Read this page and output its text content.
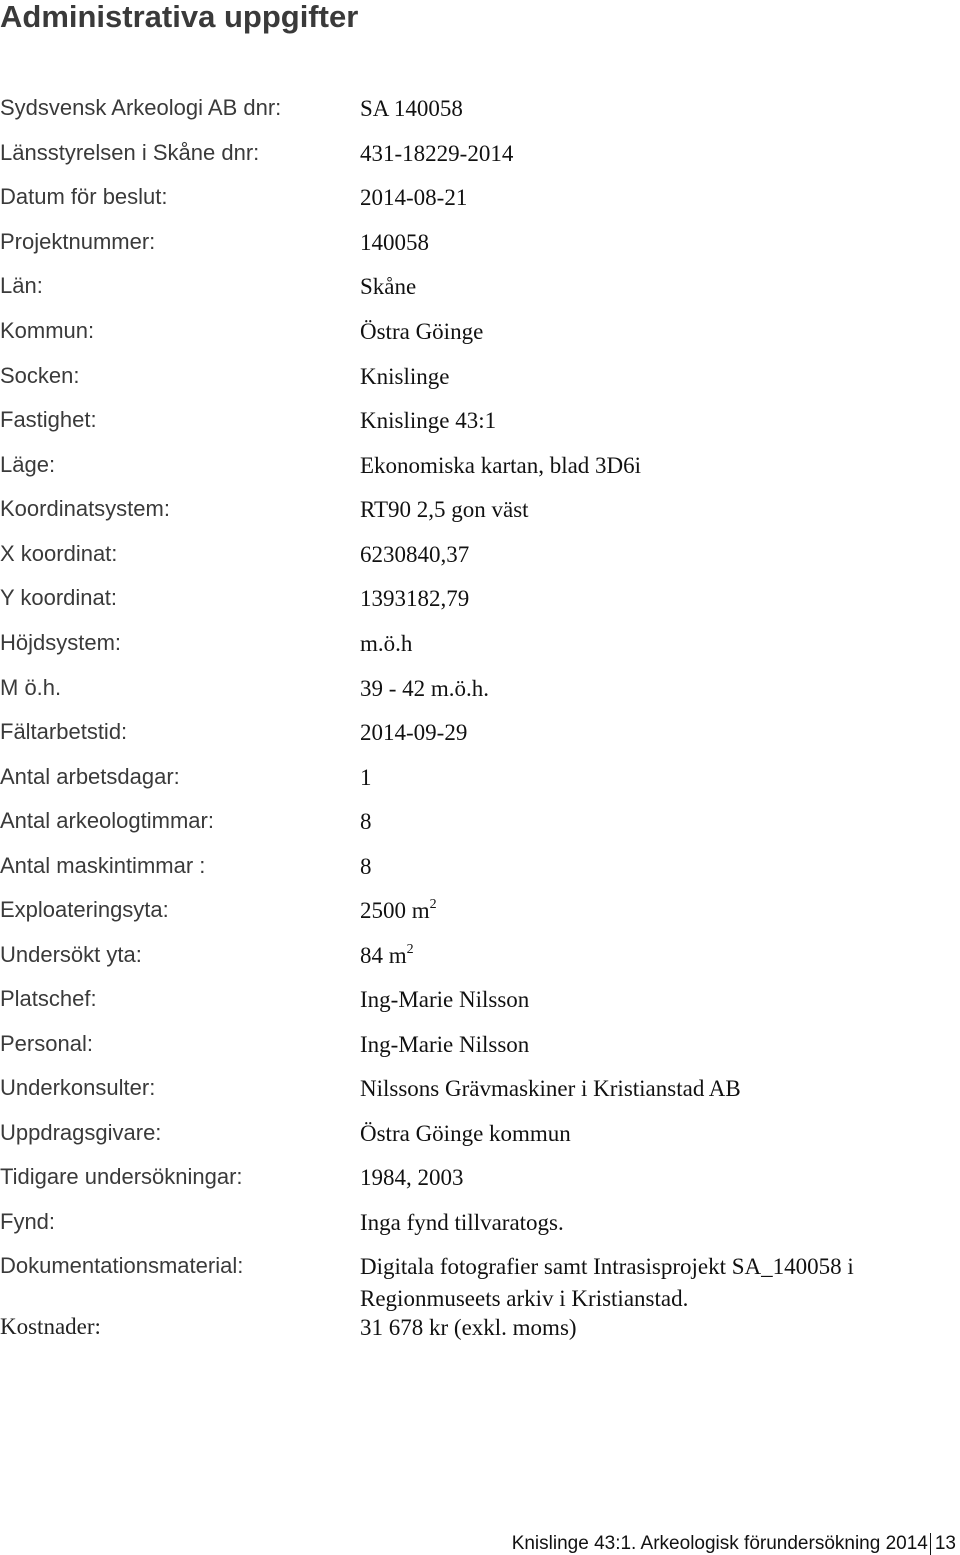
Administrativa uppgifter
Sydsvensk Arkeologi AB dnr:	SA 140058
Länsstyrelsen i Skåne dnr:	431-18229-2014
Datum för beslut:	2014-08-21
Projektnummer:	140058
Län:	Skåne
Kommun:	Östra Göinge
Socken:	Knislinge
Fastighet:	Knislinge 43:1
Läge:	Ekonomiska kartan, blad 3D6i
Koordinatsystem:	RT90 2,5 gon väst
X koordinat:	6230840,37
Y koordinat:	1393182,79
Höjdsystem:	m.ö.h
M ö.h.	39 - 42 m.ö.h.
Fältarbetstid:	2014-09-29
Antal arbetsdagar:	1
Antal arkeologtimmar:	8
Antal maskintimmar :	8
Exploateringsyta:	2500 $m^2$
Undersökt yta:	84 $m^2$
Platschef:	Ing-Marie Nilsson
Personal:	Ing-Marie Nilsson
Underkonsulter:	Nilssons Grävmaskiner i Kristianstad AB
Uppdragsgivare:	Östra Göinge kommun
Tidigare undersökningar:	1984, 2003
Fynd:	Inga fynd tillvaratogs.
Dokumentationsmaterial:	Digitala fotografier samt Intrasisprojekt SA_140058 i
Regionmuseets arkiv i Kristianstad.
Kostnader:	31 678 kr (exkl. moms)
Knislinge 43:1. Arkeologisk förundersökning 2014 13
